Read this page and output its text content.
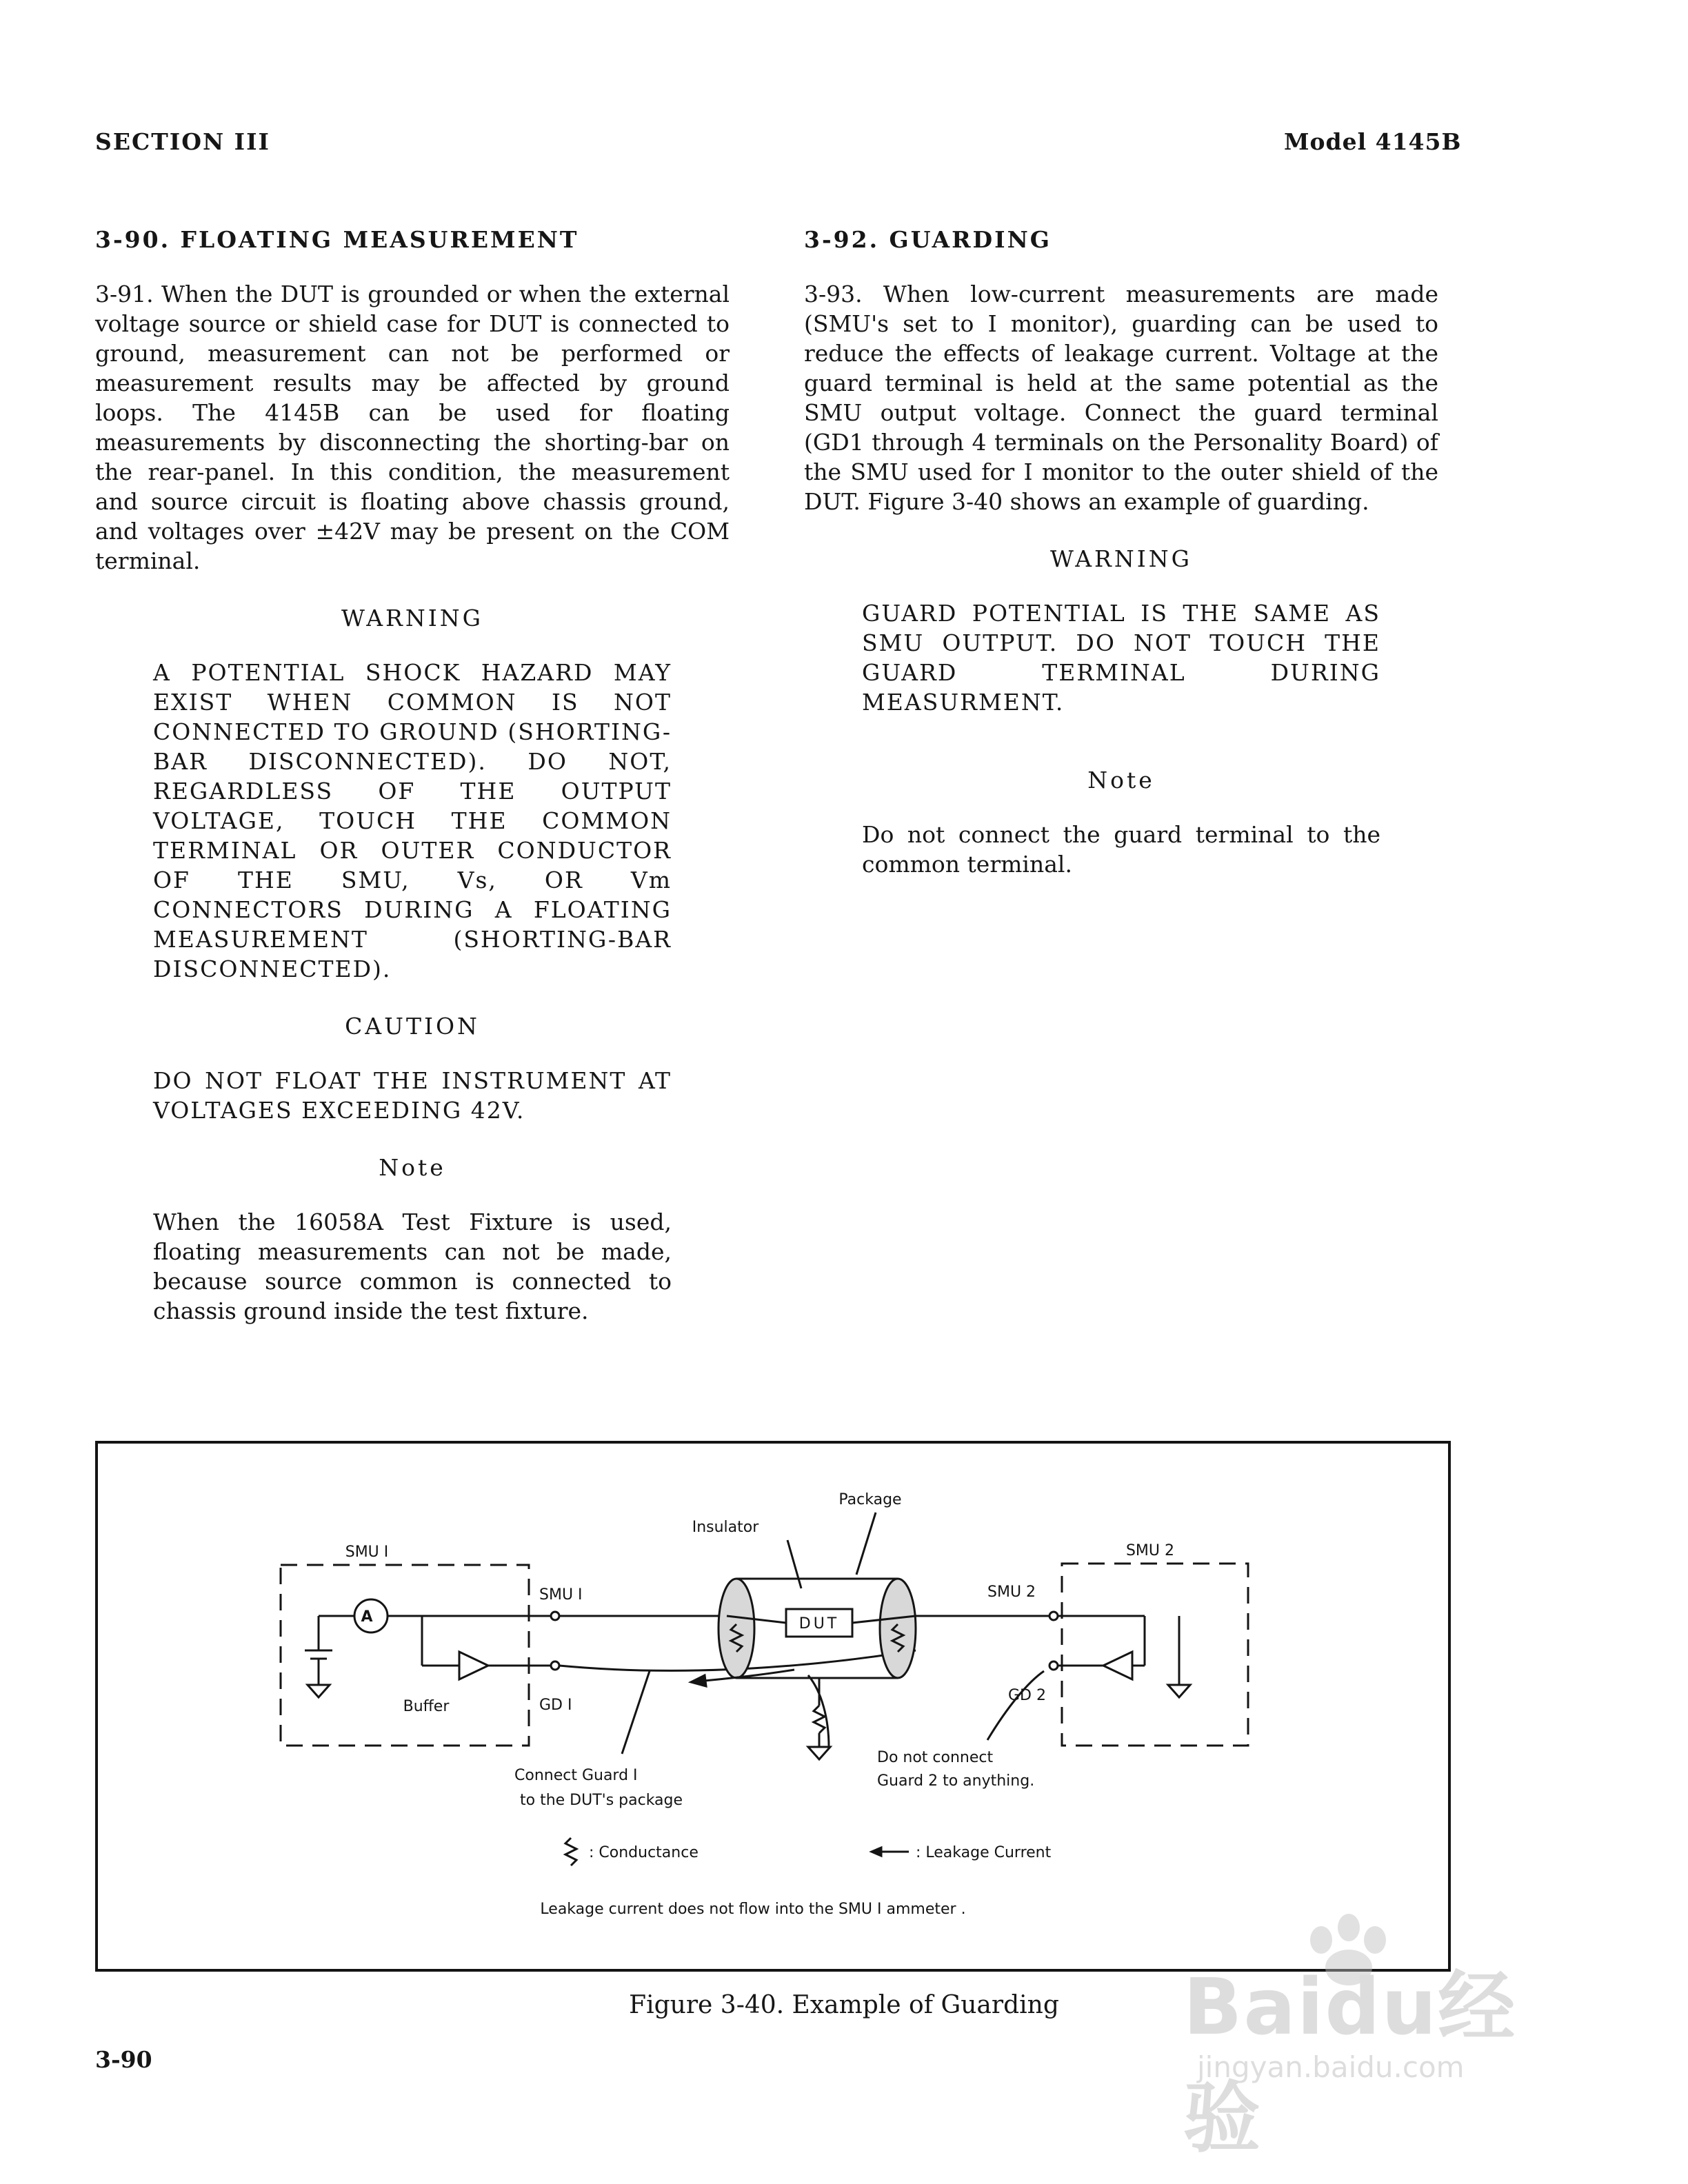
SECTION III	Model 4145B

3-90. FLOATING MEASUREMENT

3-91. When the DUT is grounded or when the external voltage source or shield case for DUT is connected to ground, measurement can not be performed or measurement results may be affected by ground loops. The 4145B can be used for floating measurements by disconnecting the shorting-bar on the rear-panel. In this condition, the measurement and source circuit is floating above chassis ground, and voltages over ±42V may be present on the COM terminal.

WARNING

A POTENTIAL SHOCK HAZARD MAY EXIST WHEN COMMON IS NOT CONNECTED TO GROUND (SHORTING-BAR DISCONNECTED). DO NOT, REGARDLESS OF THE OUTPUT VOLTAGE, TOUCH THE COMMON TERMINAL OR OUTER CONDUCTOR OF THE SMU, Vs, OR Vm CONNECTORS DURING A FLOATING MEASUREMENT (SHORTING-BAR DISCONNECTED).

CAUTION

DO NOT FLOAT THE INSTRUMENT AT VOLTAGES EXCEEDING 42V.

Note

When the 16058A Test Fixture is used, floating measurements can not be made, because source common is connected to chassis ground inside the test fixture.

3-92. GUARDING

3-93. When low-current measurements are made (SMU's set to I monitor), guarding can be used to reduce the effects of leakage current. Voltage at the guard terminal is held at the same potential as the SMU output voltage. Connect the guard terminal (GD1 through 4 terminals on the Personality Board) of the SMU used for I monitor to the outer shield of the DUT. Figure 3-40 shows an example of guarding.

WARNING

GUARD POTENTIAL IS THE SAME AS SMU OUTPUT. DO NOT TOUCH THE GUARD TERMINAL DURING MEASURMENT.

Note

Do not connect the guard terminal to the common terminal.

A
SMU I
SMU I
GD I
Buffer
Insulator
Package
DUT
SMU 2
SMU 2
GD 2
Connect Guard I
to the DUT's package
Do not connect
Guard 2 to anything.
: Conductance	: Leakage Current
Leakage current does not flow into the SMU I ammeter .
Figure 3-40. Example of Guarding
3-90
Baidu经验
jingyan.baidu.com
